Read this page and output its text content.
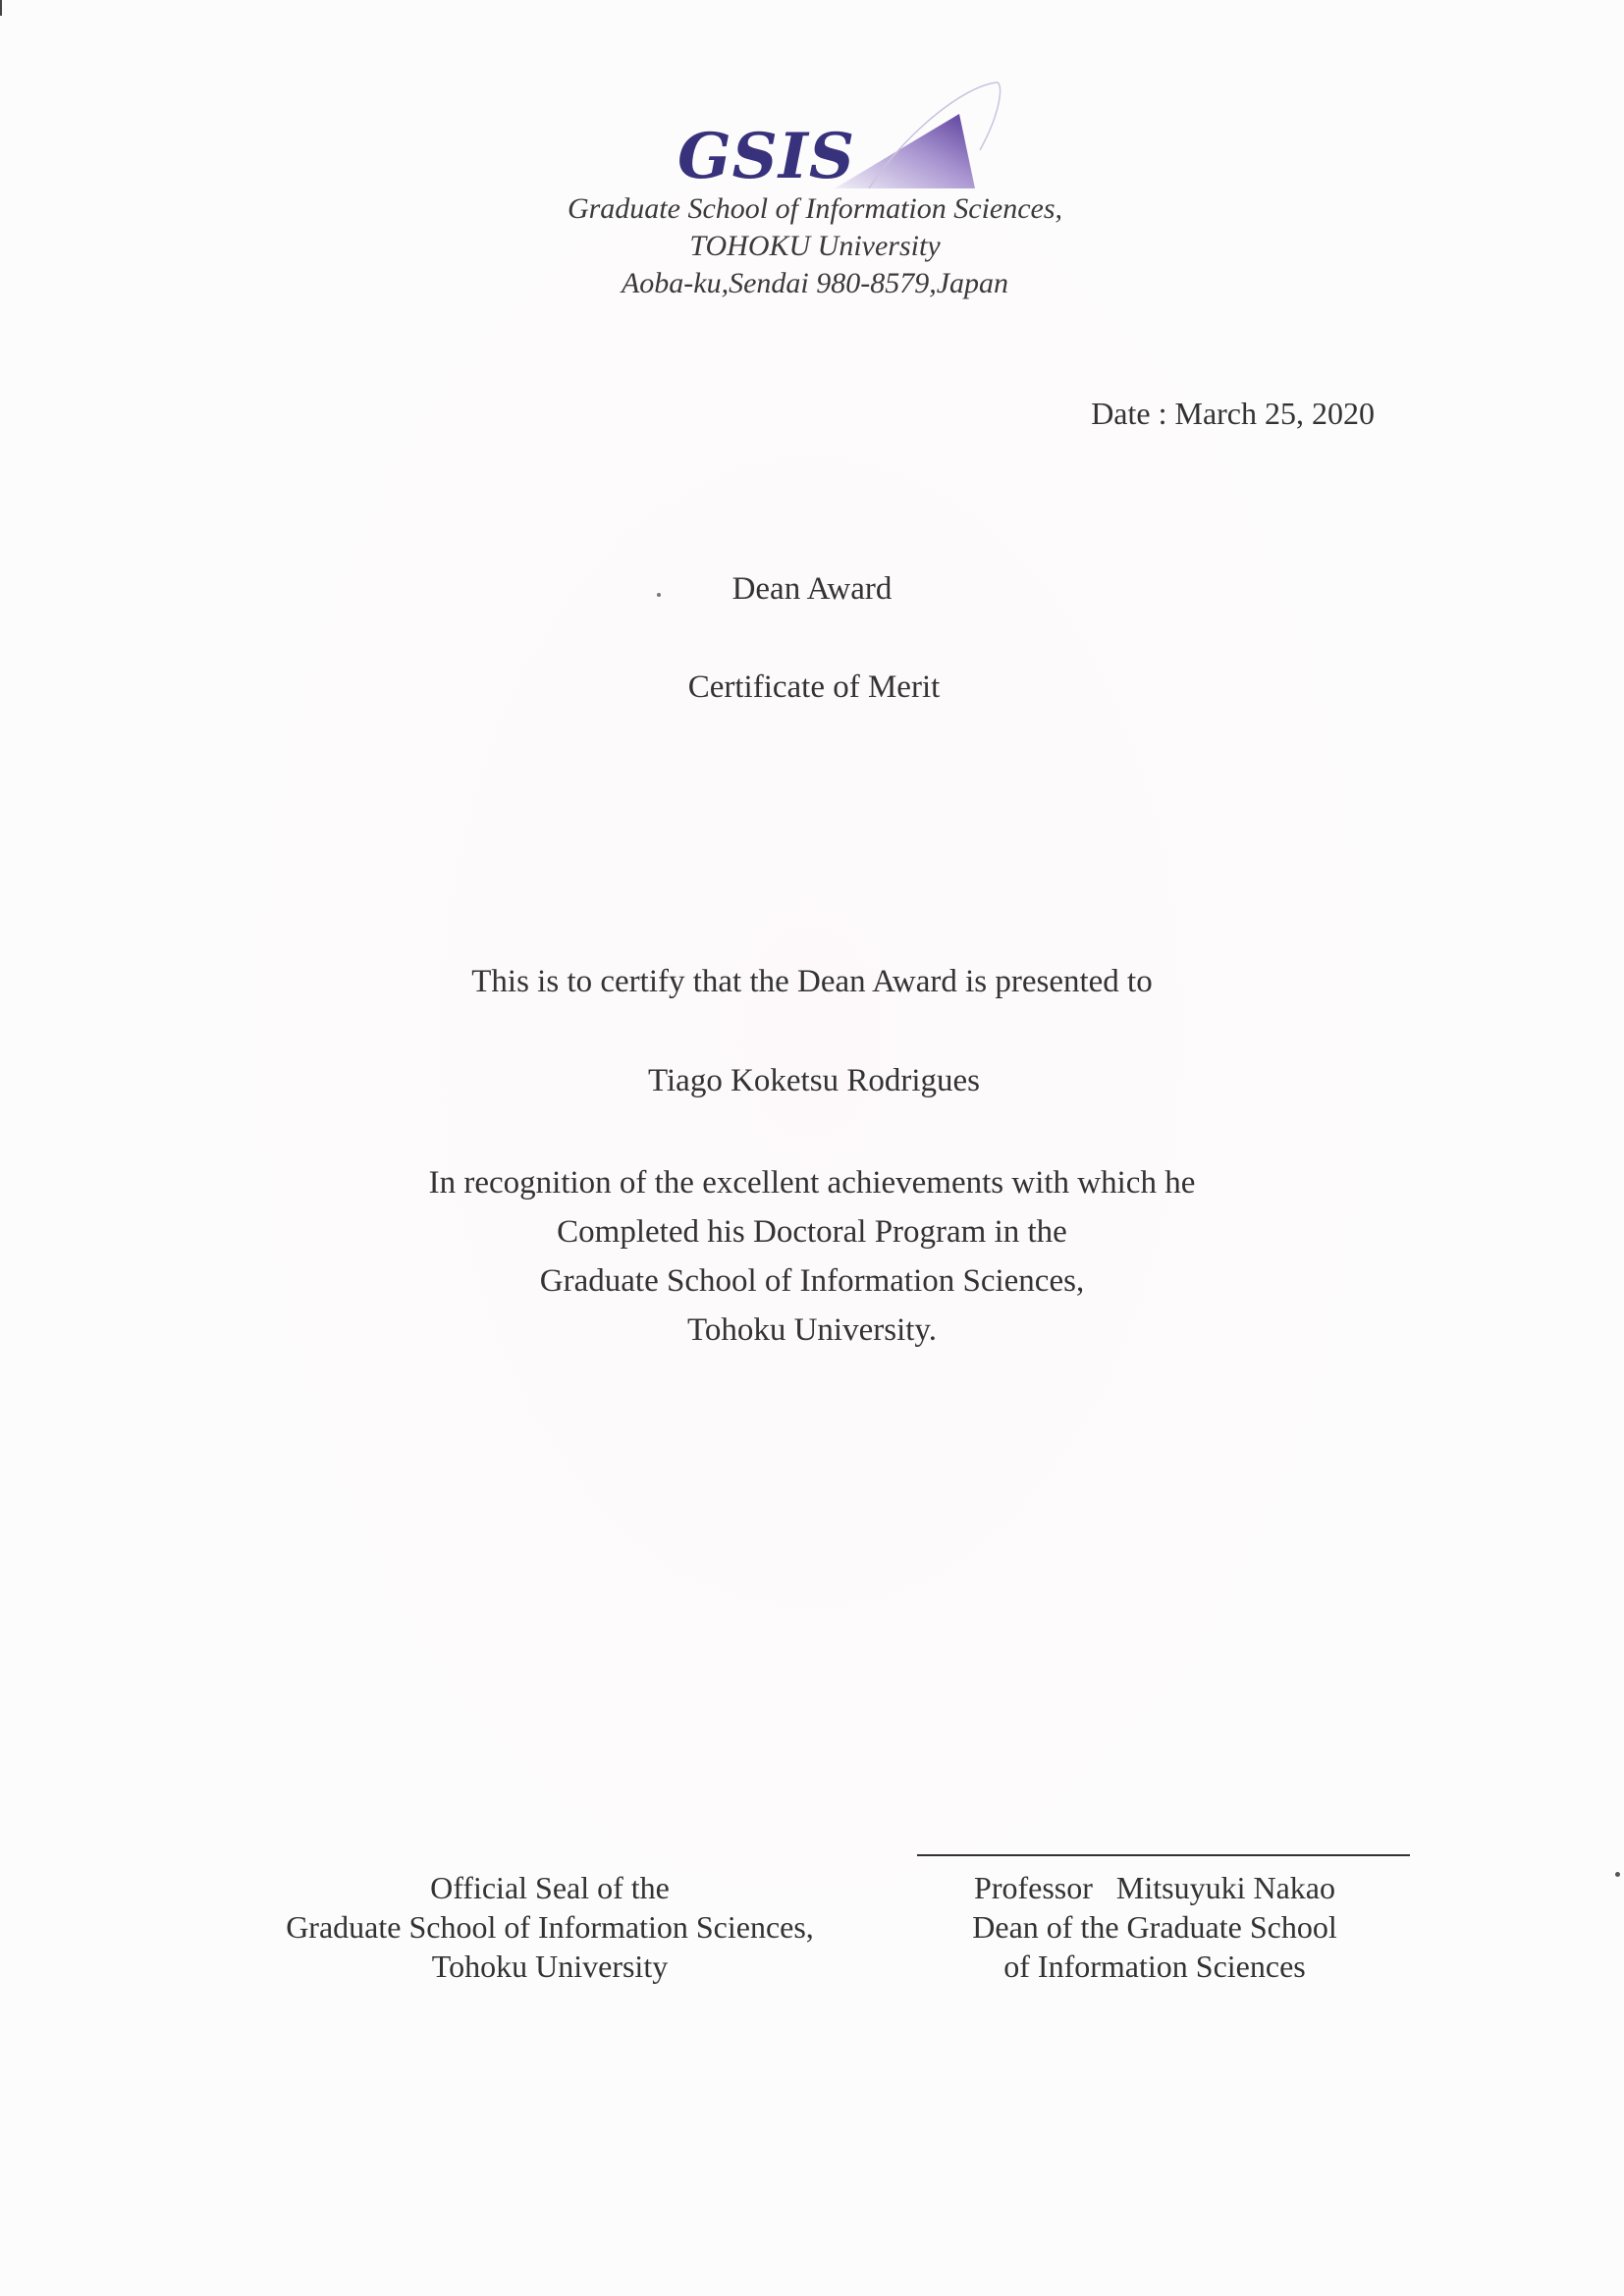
GSIS
Graduate School of Information Sciences,
TOHOKU University
Aoba-ku,Sendai 980-8579,Japan
Date : March 25, 2020
Dean Award
Certificate of Merit
This is to certify that the Dean Award is presented to
Tiago Koketsu Rodrigues
In recognition of the excellent achievements with which he
Completed his Doctoral Program in the
Graduate School of Information Sciences,
Tohoku University.
Official Seal of the
Graduate School of Information Sciences,
Tohoku University
Professor   Mitsuyuki Nakao
Dean of the Graduate School
of Information Sciences
